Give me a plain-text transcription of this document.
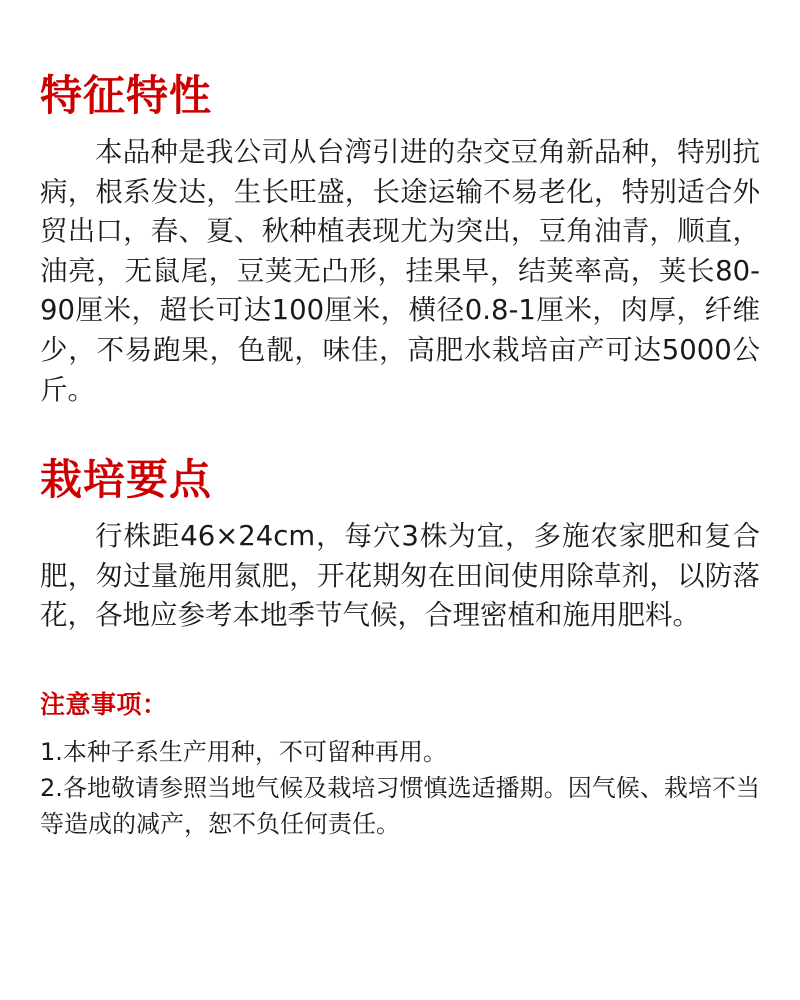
特征特性

本品种是我公司从台湾引进的杂交豆角新品种，特别抗病，根系发达，生长旺盛，长途运输不易老化，特别适合外贸出口，春、夏、秋种植表现尤为突出，豆角油青，顺直，油亮，无鼠尾，豆荚无凸形，挂果早，结荚率高，荚长80-90厘米，超长可达100厘米，横径0.8-1厘米，肉厚，纤维少，不易跑果，色靓，味佳，高肥水栽培亩产可达5000公斤。

栽培要点

行株距46×24cm，每穴3株为宜，多施农家肥和复合肥，匆过量施用氮肥，开花期匆在田间使用除草剂，以防落花，各地应参考本地季节气候，合理密植和施用肥料。

注意事项：

1.本种子系生产用种，不可留种再用。

2.各地敬请参照当地气候及栽培习惯慎选适播期。因气候、栽培不当等造成的减产，恕不负任何责任。
